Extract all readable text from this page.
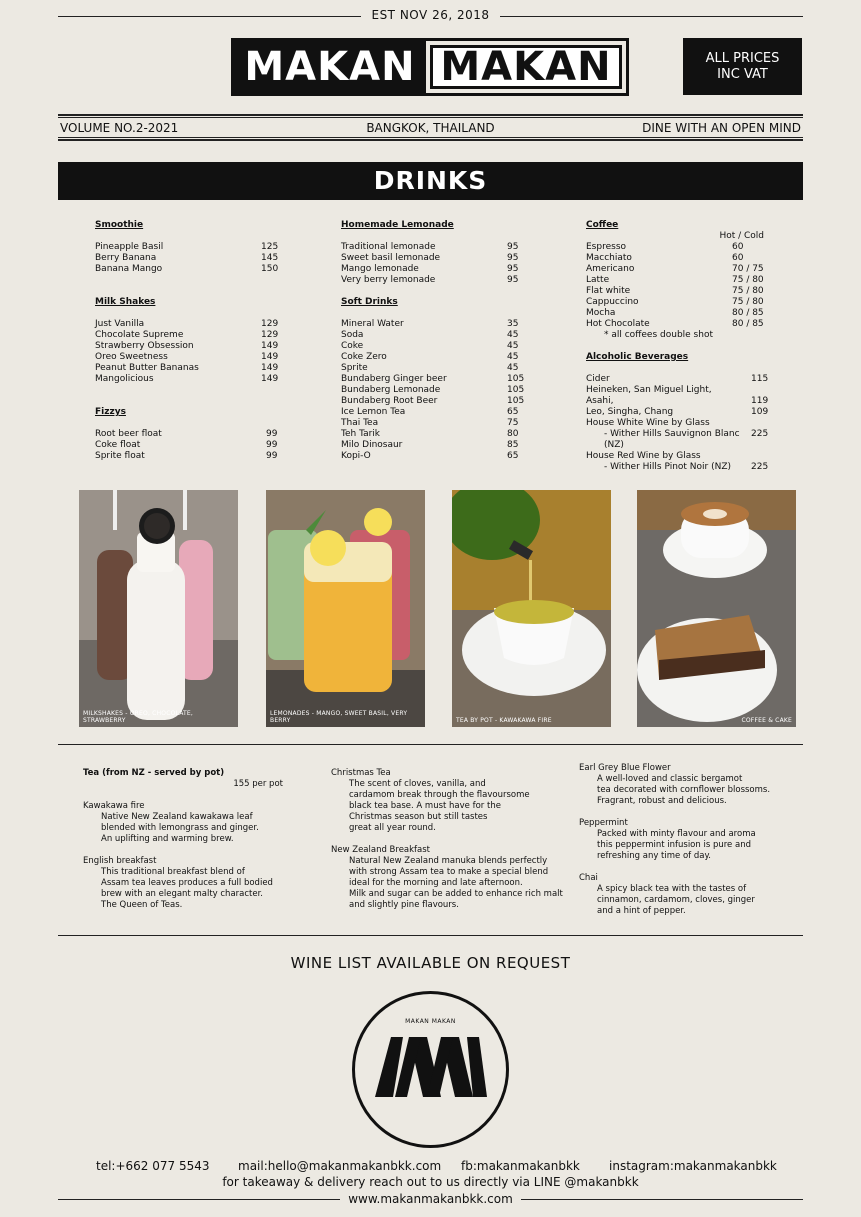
EST NOV 26, 2018
MAKAN MAKAN	ALL PRICES
INC VAT
VOLUME NO.2-2021	BANGKOK, THAILAND	DINE WITH AN OPEN MIND
DRINKS
Smoothie
Pineapple Basil	125
Berry Banana	145
Banana Mango	150
Milk Shakes
Just Vanilla	129
Chocolate Supreme	129
Strawberry Obsession	149
Oreo Sweetness	149
Peanut Butter Bananas	149
Mangolicious	149
Fizzys
Root beer float	99
Coke float	99
Sprite float	99
Homemade Lemonade
Traditional lemonade	95
Sweet basil lemonade	95
Mango lemonade	95
Very berry lemonade	95
Soft Drinks
Mineral Water	35
Soda	45
Coke	45
Coke Zero	45
Sprite	45
Bundaberg Ginger beer	105
Bundaberg Lemonade	105
Bundaberg Root Beer	105
Ice Lemon Tea	65
Thai Tea	75
Teh Tarik	80
Milo Dinosaur	85
Kopi-O	65
Coffee
Hot / Cold
Espresso	60
Macchiato	60
Americano	70 / 75
Latte	75 / 80
Flat white	75 / 80
Cappuccino	75 / 80
Mocha	80 / 85
Hot Chocolate	80 / 85
* all coffees double shot
Alcoholic Beverages
Cider	115
Heineken, San Miguel Light,
Asahi,	119
Leo, Singha, Chang	109
House White Wine by Glass
- Wither Hills Sauvignon Blanc (NZ)
225
House Red Wine by Glass
- Wither Hills Pinot Noir (NZ) 225
MILKSHAKES - OREO, CHOCOLATE, STRAWBERRY
LEMONADES - MANGO, SWEET BASIL, VERY BERRY	TEA BY POT - KAWAKAWA FIRE	COFFEE & CAKE
Tea (from NZ - served by pot)
155 per pot
Kawakawa fire
Native New Zealand kawakawa leaf
blended with lemongrass and ginger.
An uplifting and warming brew.
English breakfast
This traditional breakfast blend of
Assam tea leaves produces a full bodied
brew with an elegant malty character.
The Queen of Teas.
Christmas Tea
The scent of cloves, vanilla, and
cardamom break through the flavoursome
black tea base. A must have for the
Christmas season but still tastes
great all year round.
New Zealand Breakfast
Natural New Zealand manuka blends perfectly
with strong Assam tea to make a special blend
ideal for the morning and late afternoon.
Milk and sugar can be added to enhance rich malt
and slightly pine flavours.
Earl Grey Blue Flower
A well-loved and classic bergamot
tea decorated with cornflower blossoms.
Fragrant, robust and delicious.
Peppermint
Packed with minty flavour and aroma
this peppermint infusion is pure and
refreshing any time of day.
Chai
A spicy black tea with the tastes of
cinnamon, cardamom, cloves, ginger
and a hint of pepper.
WINE LIST AVAILABLE ON REQUEST
MAKAN MAKAN
tel:+662 077 5543 mail:hello@makanmakanbkk.com fb:makanmakanbkk instagram:makanmakanbkk
for takeaway & delivery reach out to us directly via LINE @makanbkk
www.makanmakanbkk.com
